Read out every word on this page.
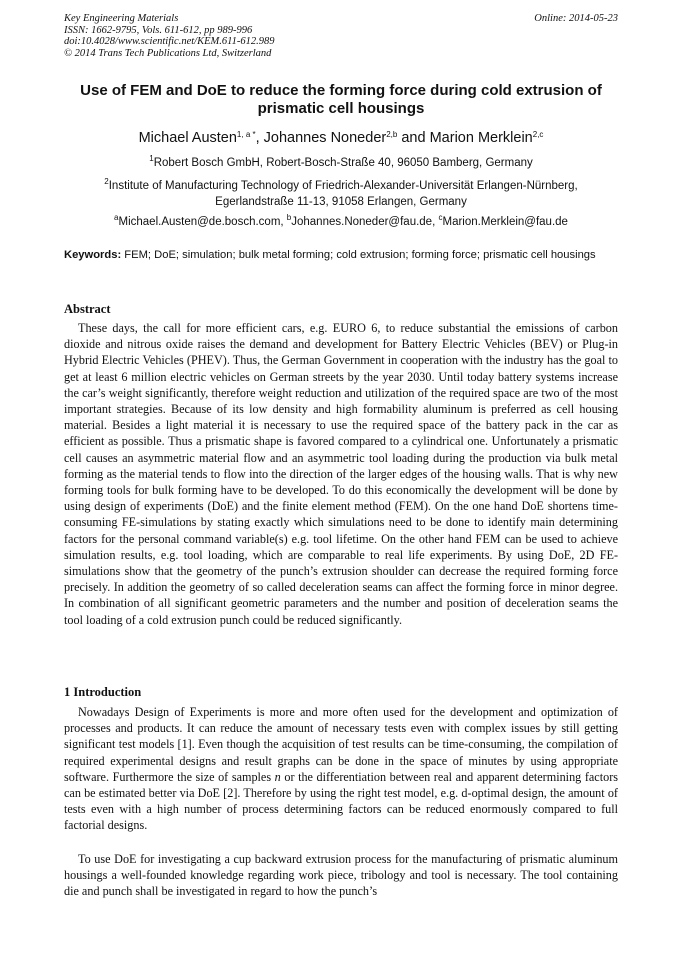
Key Engineering Materials
ISSN: 1662-9795, Vols. 611-612, pp 989-996
doi:10.4028/www.scientific.net/KEM.611-612.989
© 2014 Trans Tech Publications Ltd, Switzerland
Online: 2014-05-23
Use of FEM and DoE to reduce the forming force during cold extrusion of prismatic cell housings
Michael Austen$^{1, a *}$, Johannes Noneder$^{2,b}$ and Marion Merklein$^{2,c}$
$^1$Robert Bosch GmbH, Robert-Bosch-Straße 40, 96050 Bamberg, Germany
$^2$Institute of Manufacturing Technology of Friedrich-Alexander-Universität Erlangen-Nürnberg,
Egerlandstraße 11-13, 91058 Erlangen, Germany
$^a$Michael.Austen@de.bosch.com, $^b$Johannes.Noneder@fau.de, $^c$Marion.Merklein@fau.de
Keywords: FEM; DoE; simulation; bulk metal forming; cold extrusion; forming force; prismatic cell housings
Abstract

These days, the call for more efficient cars, e.g. EURO 6, to reduce substantial the emissions of carbon dioxide and nitrous oxide raises the demand and development for Battery Electric Vehicles (BEV) or Plug-in Hybrid Electric Vehicles (PHEV). Thus, the German Government in cooperation with the industry has the goal to get at least 6 million electric vehicles on German streets by the year 2030. Until today battery systems increase the car’s weight significantly, therefore weight reduction and utilization of the required space are two of the most important strategies. Because of its low density and high formability aluminum is preferred as cell housing material. Besides a light material it is necessary to use the required space of the battery pack in the car as efficient as possible. Thus a prismatic shape is favored compared to a cylindrical one. Unfortunately a prismatic cell causes an asymmetric material flow and an asymmetric tool loading during the production via bulk metal forming as the material tends to flow into the direction of the larger edges of the housing walls. That is why new forming tools for bulk forming have to be developed. To do this economically the development will be done by using design of experiments (DoE) and the finite element method (FEM). On the one hand DoE shortens time-consuming FE-simulations by stating exactly which simulations need to be done to identify main determining factors for the personal command variable(s) e.g. tool lifetime. On the other hand FEM can be used to achieve simulation results, e.g. tool loading, which are comparable to real life experiments. By using DoE, 2D FE-simulations show that the geometry of the punch’s extrusion shoulder can decrease the required forming force precisely. In addition the geometry of so called deceleration seams can affect the forming force in minor degree. In combination of all significant geometric parameters and the number and position of deceleration seams the tool loading of a cold extrusion punch could be reduced significantly.

1 Introduction

Nowadays Design of Experiments is more and more often used for the development and optimization of processes and products. It can reduce the amount of necessary tests even with complex issues by still getting significant test models [1]. Even though the acquisition of test results can be time-consuming, the compilation of required experimental designs and result graphs can be done in the space of minutes by using appropriate software. Furthermore the size of samples n or the differentiation between real and apparent determining factors can be estimated better via DoE [2]. Therefore by using the right test model, e.g. d-optimal design, the amount of tests even with a high number of process determining factors can be reduced enormously compared to full factorial designs.

To use DoE for investigating a cup backward extrusion process for the manufacturing of prismatic aluminum housings a well-founded knowledge regarding work piece, tribology and tool is necessary. The tool containing die and punch shall be investigated in regard to how the punch’s
